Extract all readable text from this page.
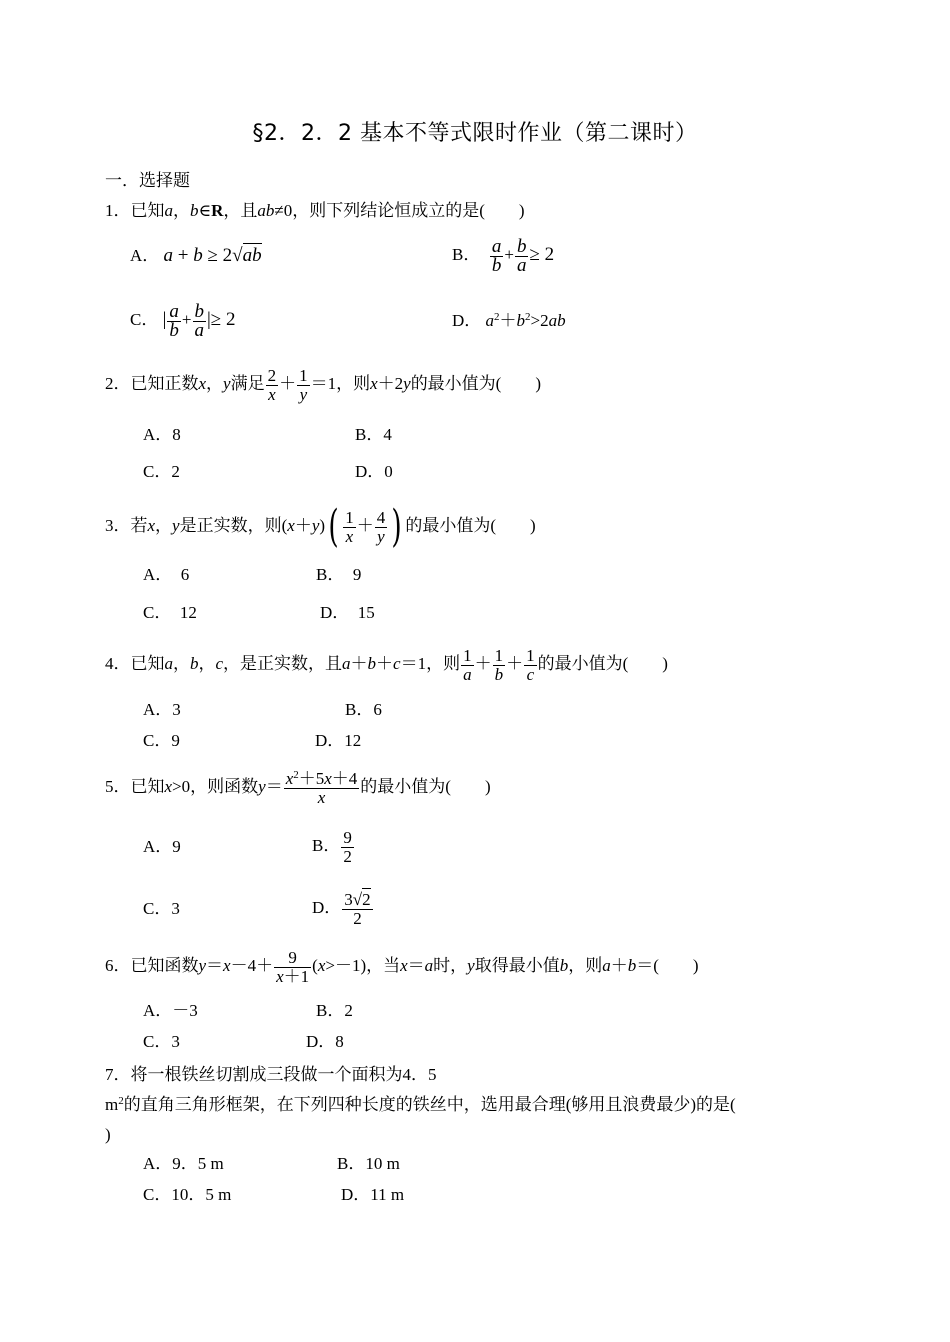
§2．2．2 基本不等式限时作业（第二课时）
一．选择题
1．已知a，b∈R，且ab≠0，则下列结论恒成立的是(　　)
A． a + b ≥ 2√ab	B． $\frac{a}{b} + \frac{b}{a} \ge 2$
C． | $\frac{a}{b} + \frac{b}{a}$ |≥ 2	D． $a^2+b^2>2ab$
2．已知正数x，y满足 $\frac{2}{x} + \frac{1}{y} =1$，则x＋2y的最小值为(　　)
A．8	B．4
C．2	D．0
3．若x，y是正实数，则$(x+y)( \frac{1}{x} + \frac{4}{y}$ ) 的最小值为(　　)
A．　6	B．　9
C．　12	D．　15
4．已知a，b，c，是正实数，且a＋b＋c＝1，则 $\frac{1}{a} + \frac{1}{b} + \frac{1}{c}$ 的最小值为(　　)
A．3	B．6
C．9	D．12
5．已知x>0，则函数$y= \frac{x^2+5x+4}{x}$ 的最小值为(　　)
A．9	B． $\frac{9}{2}$
C．3	D． $\frac{3√2}{2}$
6．已知函数$y=x-4+ \frac{9}{x+1} (x>-1)$，当x＝a时，y取得最小值b，则a＋b＝(　　)
A．－3	B．2
C．3	D．8
7．将一根铁丝切割成三段做一个面积为4．5
$m^2$的直角三角形框架，在下列四种长度的铁丝中，选用最合理(够用且浪费最少)的是(
)
A．9．5 m	B．10 m
C．10．5 m	D．11 m
